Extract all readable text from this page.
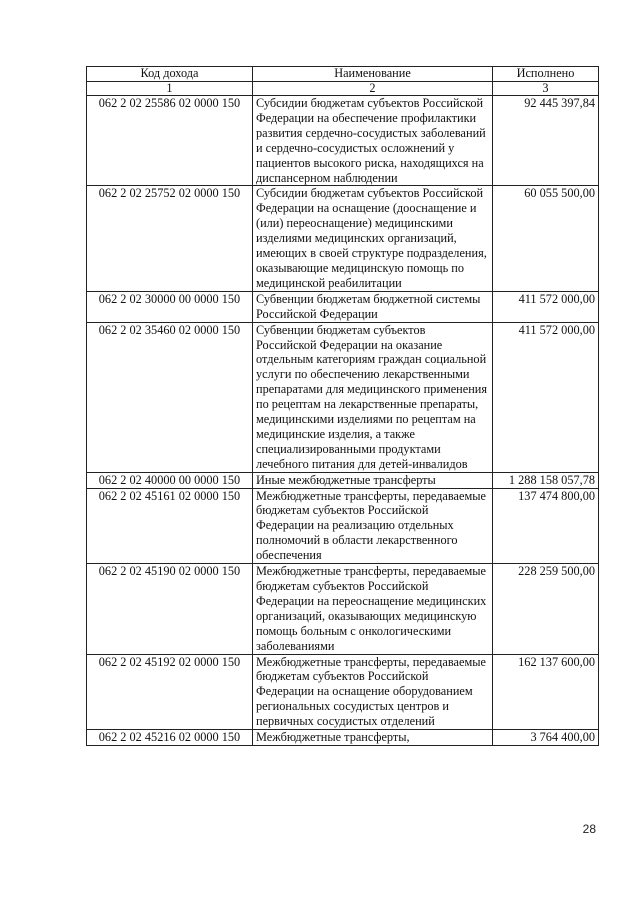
Код дохода	Наименование	Исполнено
1	2	3
062 2 02 25586 02 0000 150	Субсидии бюджетам субъектов Российской Федерации на обеспечение профилактики развития сердечно-сосудистых заболеваний и сердечно-сосудистых осложнений у пациентов высокого риска, находящихся на диспансерном наблюдении	92 445 397,84
062 2 02 25752 02 0000 150	Субсидии бюджетам субъектов Российской Федерации на оснащение (дооснащение и (или) переоснащение) медицинскими изделиями медицинских организаций, имеющих в своей структуре подразделения, оказывающие медицинскую помощь по медицинской реабилитации	60 055 500,00
062 2 02 30000 00 0000 150	Субвенции бюджетам бюджетной системы Российской Федерации	411 572 000,00
062 2 02 35460 02 0000 150	Субвенции бюджетам субъектов Российской Федерации на оказание отдельным категориям граждан социальной услуги по обеспечению лекарственными препаратами для медицинского применения по рецептам на лекарственные препараты, медицинскими изделиями по рецептам на медицинские изделия, а также специализированными продуктами лечебного питания для детей-инвалидов	411 572 000,00
062 2 02 40000 00 0000 150	Иные межбюджетные трансферты	1 288 158 057,78
062 2 02 45161 02 0000 150	Межбюджетные трансферты, передаваемые бюджетам субъектов Российской Федерации на реализацию отдельных полномочий в области лекарственного обеспечения	137 474 800,00
062 2 02 45190 02 0000 150	Межбюджетные трансферты, передаваемые бюджетам субъектов Российской Федерации на переоснащение медицинских организаций, оказывающих медицинскую помощь больным с онкологическими заболеваниями	228 259 500,00
062 2 02 45192 02 0000 150	Межбюджетные трансферты, передаваемые бюджетам субъектов Российской Федерации на оснащение оборудованием региональных сосудистых центров и первичных сосудистых отделений	162 137 600,00
062 2 02 45216 02 0000 150	Межбюджетные трансферты,	3 764 400,00
28
